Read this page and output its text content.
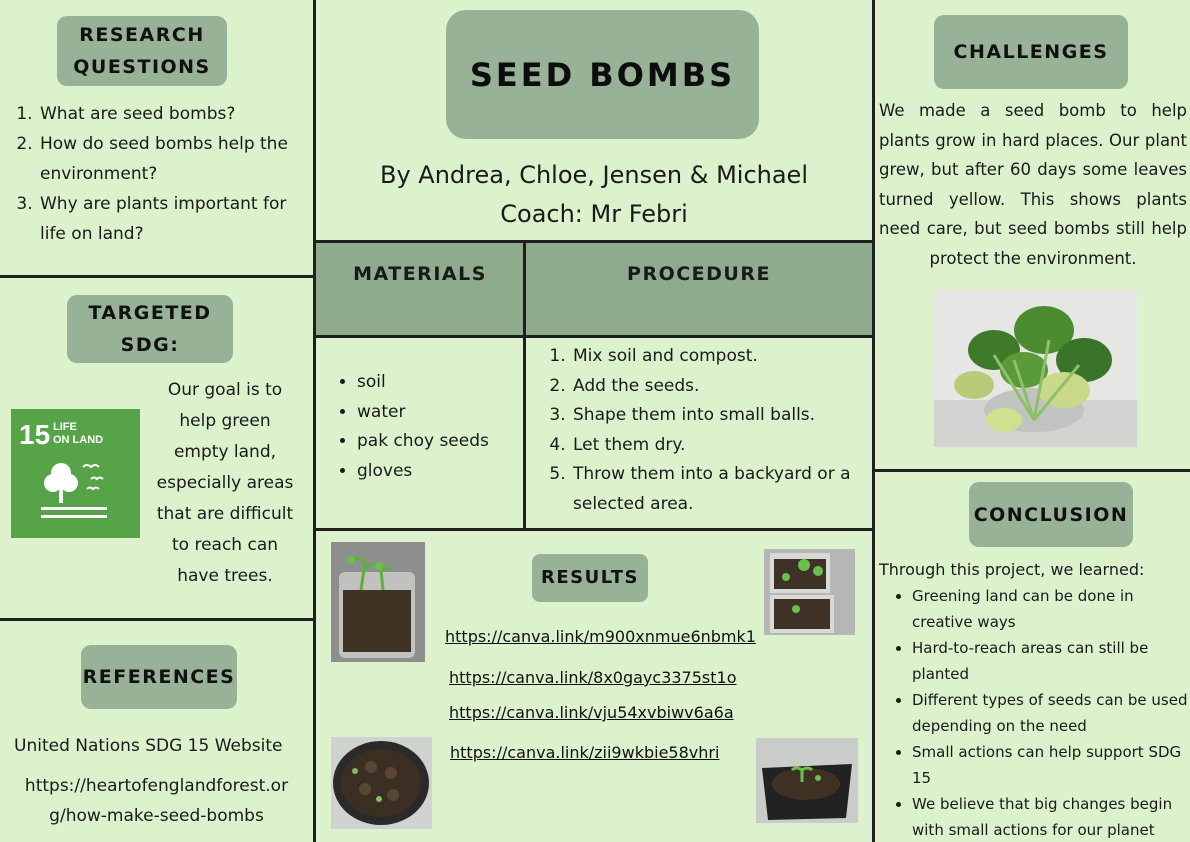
RESEARCH
QUESTIONS
1. What are seed bombs?
2. How do seed bombs help the environment?
3. Why are plants important for life on land?
TARGETED
SDG:
15 LIFE
ON LAND
Our goal is to help green empty land, especially areas that are difficult to reach can have trees.
REFERENCES
United Nations SDG 15 Website
https://heartofenglandforest.or
g/how-make-seed-bombs
SEED BOMBS
By Andrea, Chloe, Jensen & Michael
Coach: Mr Febri
MATERIALS	PROCEDURE
• soil
• water
• pak choy seeds
• gloves
1. Mix soil and compost.
2. Add the seeds.
3. Shape them into small balls.
4. Let them dry.
5. Throw them into a backyard or a selected area.
RESULTS
https://canva.link/m900xnmue6nbmk1
https://canva.link/8x0gayc3375st1o
https://canva.link/vju54xvbiwv6a6a
https://canva.link/zii9wkbie58vhri
CHALLENGES
We made a seed bomb to help plants grow in hard places. Our plant grew, but after 60 days some leaves turned yellow. This shows plants need care, but seed bombs still help protect the environment.
CONCLUSION
Through this project, we learned:
• Greening land can be done in creative ways
• Hard-to-reach areas can still be planted
• Different types of seeds can be used depending on the need
• Small actions can help support SDG 15
• We believe that big changes begin with small actions for our planet
